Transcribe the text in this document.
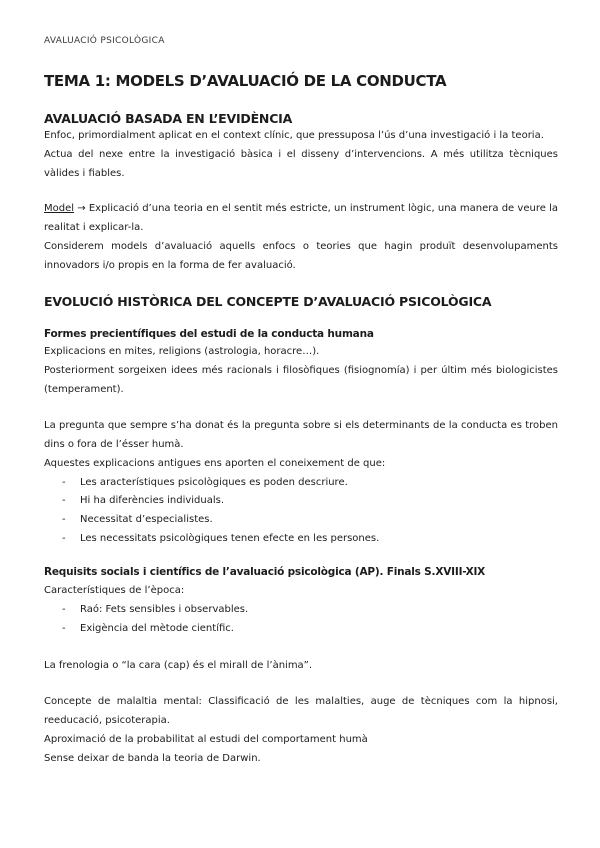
AVALUACIÓ PSICOLÒGICA
TEMA 1: MODELS D’AVALUACIÓ DE LA CONDUCTA
AVALUACIÓ BASADA EN L’EVIDÈNCIA
Enfoc, primordialment aplicat en el context clínic, que pressuposa l’ús d’una investigació i la teoria.
Actua del nexe entre la investigació bàsica i el disseny d’intervencions. A més utilitza tècniques vàlides i fiables.
Model → Explicació d’una teoria en el sentit més estricte, un instrument lògic, una manera de veure la realitat i explicar-la.
Considerem models d’avaluació aquells enfocs o teories que hagin produït desenvolupaments innovadors i/o propis en la forma de fer avaluació.
EVOLUCIÓ HISTÒRICA DEL CONCEPTE D’AVALUACIÓ PSICOLÒGICA
Formes precientífiques del estudi de la conducta humana
Explicacions en mites, religions (astrologia, horacre…).
Posteriorment sorgeixen idees més racionals i filosòfiques (fisiognomía) i per últim més biologicistes (temperament).
La pregunta que sempre s’ha donat és la pregunta sobre si els determinants de la conducta es troben dins o fora de l’ésser humà.
Aquestes explicacions antigues ens aporten el coneixement de que:
- Les aracterístiques psicològiques es poden descriure.
- Hi ha diferències individuals.
- Necessitat d’especialistes.
- Les necessitats psicològiques tenen efecte en les persones.
Requisits socials i científics de l’avaluació psicològica (AP). Finals S.XVIII-XIX
Característiques de l’època:
- Raó: Fets sensibles i observables.
- Exigència del mètode científic.
La frenologia o “la cara (cap) és el mirall de l’ànima”.
Concepte de malaltia mental: Classificació de les malalties, auge de tècniques com la hipnosi, reeducació, psicoterapia.
Aproximació de la probabilitat al estudi del comportament humà
Sense deixar de banda la teoria de Darwin.
